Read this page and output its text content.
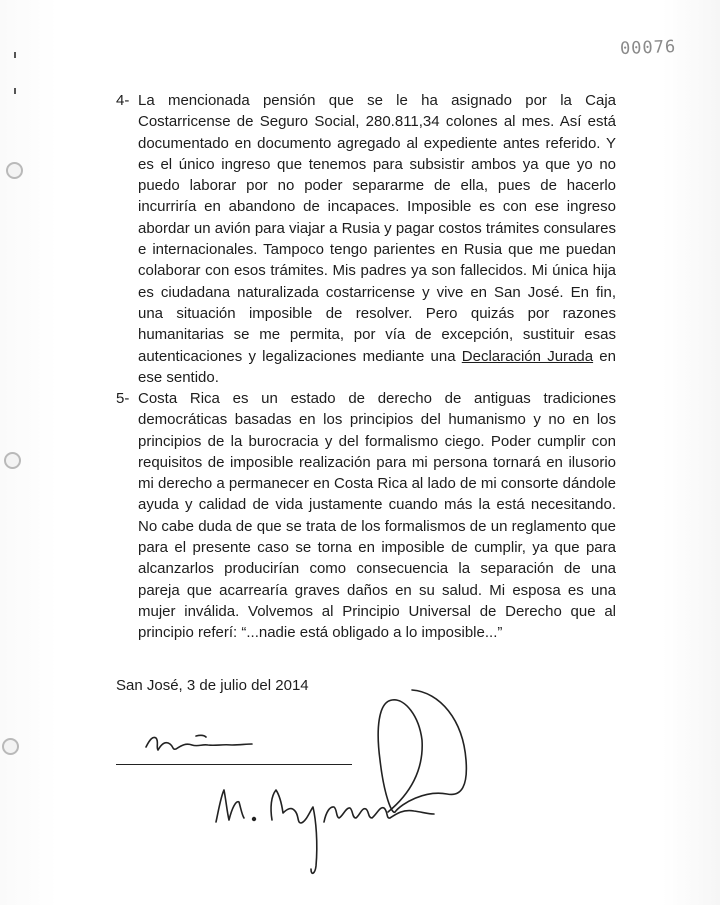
00076
4- La mencionada pensión que se le ha asignado por la Caja Costarricense de Seguro Social, 280.811,34 colones al mes. Así está documentado en documento agregado al expediente antes referido. Y es el único ingreso que tenemos para subsistir ambos ya que yo no puedo laborar por no poder separarme de ella, pues de hacerlo incurriría en abandono de incapaces. Imposible es con ese ingreso abordar un avión para viajar a Rusia y pagar costos trámites consulares e internacionales. Tampoco tengo parientes en Rusia que me puedan colaborar con esos trámites. Mis padres ya son fallecidos. Mi única hija es ciudadana naturalizada costarricense y vive en San José. En fin, una situación imposible de resolver. Pero quizás por razones humanitarias se me permita, por vía de excepción, sustituir esas autenticaciones y legalizaciones mediante una Declaración Jurada en ese sentido.
5- Costa Rica es un estado de derecho de antiguas tradiciones democráticas basadas en los principios del humanismo y no en los principios de la burocracia y del formalismo ciego. Poder cumplir con requisitos de imposible realización para mi persona tornará en ilusorio mi derecho a permanecer en Costa Rica al lado de mi consorte dándole ayuda y calidad de vida justamente cuando más la está necesitando. No cabe duda de que se trata de los formalismos de un reglamento que para el presente caso se torna en imposible de cumplir, ya que para alcanzarlos producirían como consecuencia la separación de una pareja que acarrearía graves daños en su salud. Mi esposa es una mujer inválida. Volvemos al Principio Universal de Derecho que al principio referí: “...nadie está obligado a lo imposible...”
San José, 3 de julio del 2014
